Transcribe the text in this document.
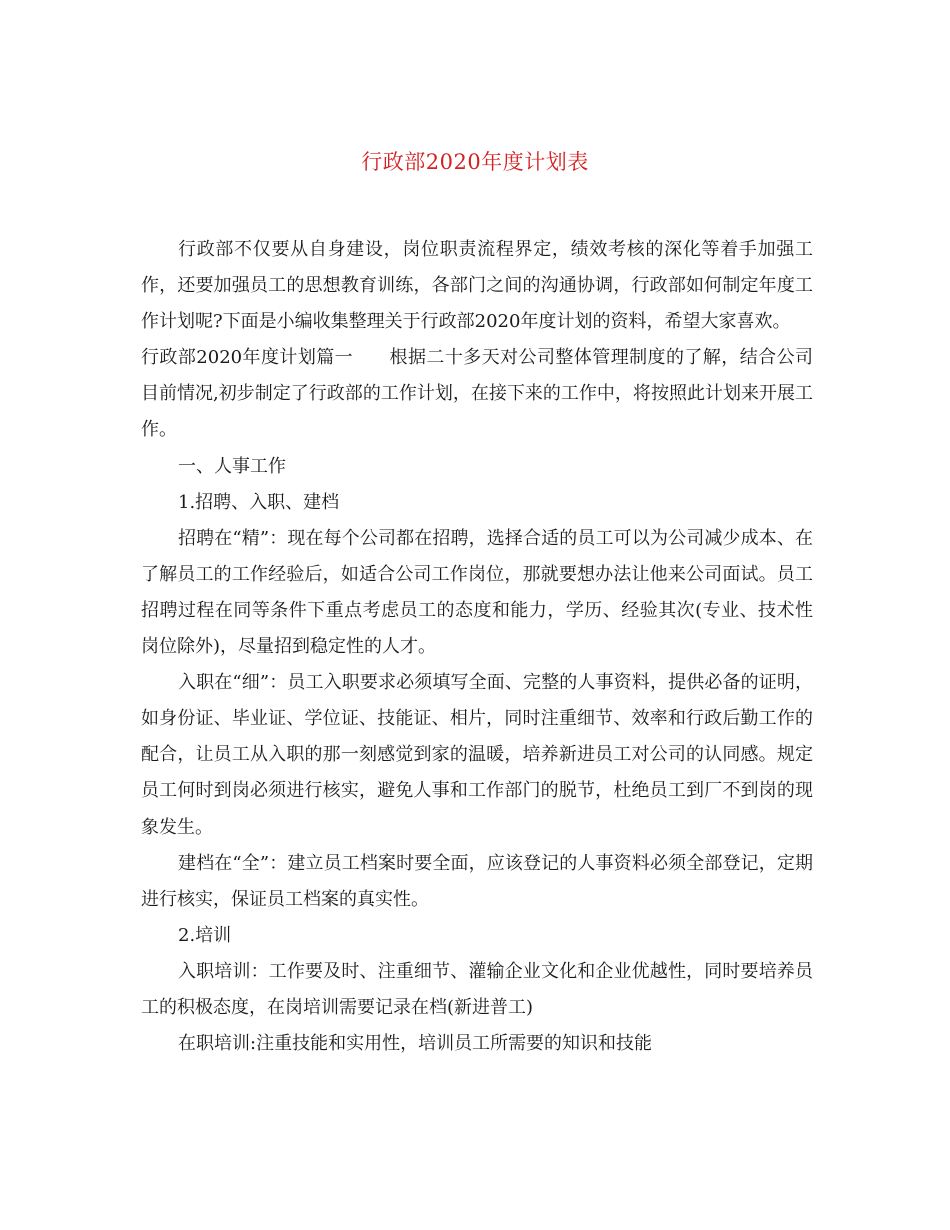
行政部2020年度计划表

行政部不仅要从自身建设，岗位职责流程界定，绩效考核的深化等着手加强工作，还要加强员工的思想教育训练，各部门之间的沟通协调，行政部如何制定年度工作计划呢?下面是小编收集整理关于行政部2020年度计划的资料，希望大家喜欢。

行政部2020年度计划篇一 根据二十多天对公司整体管理制度的了解，结合公司目前情况,初步制定了行政部的工作计划，在接下来的工作中，将按照此计划来开展工作。

一、人事工作

1.招聘、入职、建档

招聘在“精”：现在每个公司都在招聘，选择合适的员工可以为公司减少成本、在了解员工的工作经验后，如适合公司工作岗位，那就要想办法让他来公司面试。员工招聘过程在同等条件下重点考虑员工的态度和能力，学历、经验其次(专业、技术性岗位除外)，尽量招到稳定性的人才。

入职在“细”：员工入职要求必须填写全面、完整的人事资料，提供必备的证明，如身份证、毕业证、学位证、技能证、相片，同时注重细节、效率和行政后勤工作的配合，让员工从入职的那一刻感觉到家的温暖，培养新进员工对公司的认同感。规定员工何时到岗必须进行核实，避免人事和工作部门的脱节，杜绝员工到厂不到岗的现象发生。

建档在“全”：建立员工档案时要全面，应该登记的人事资料必须全部登记，定期进行核实，保证员工档案的真实性。

2.培训

入职培训：工作要及时、注重细节、灌输企业文化和企业优越性，同时要培养员工的积极态度，在岗培训需要记录在档(新进普工)

在职培训:注重技能和实用性，培训员工所需要的知识和技能
